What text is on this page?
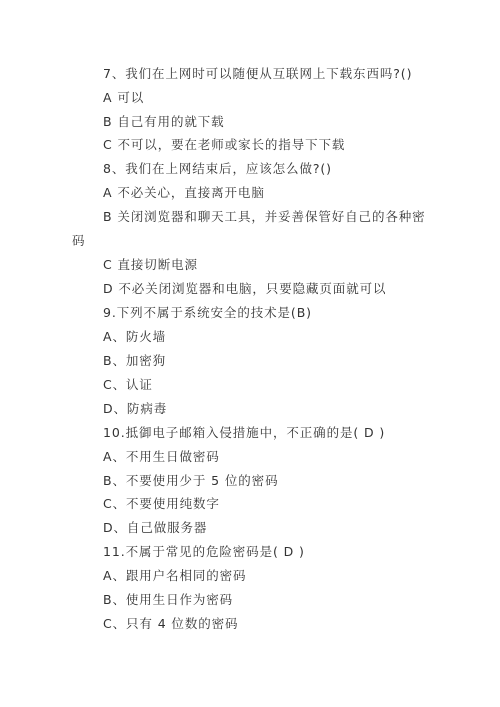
7、我们在上网时可以随便从互联网上下载东西吗?()
A 可以
B 自己有用的就下载
C 不可以，要在老师或家长的指导下下载
8、我们在上网结束后，应该怎么做?()
A 不必关心，直接离开电脑
B 关闭浏览器和聊天工具，并妥善保管好自己的各种密
码
C 直接切断电源
D 不必关闭浏览器和电脑，只要隐藏页面就可以
9.下列不属于系统安全的技术是(B)
A、防火墙
B、加密狗
C、认证
D、防病毒
10.抵御电子邮箱入侵措施中，不正确的是( D )
A、不用生日做密码
B、不要使用少于 5 位的密码
C、不要使用纯数字
D、自己做服务器
11.不属于常见的危险密码是( D )
A、跟用户名相同的密码
B、使用生日作为密码
C、只有 4 位数的密码
